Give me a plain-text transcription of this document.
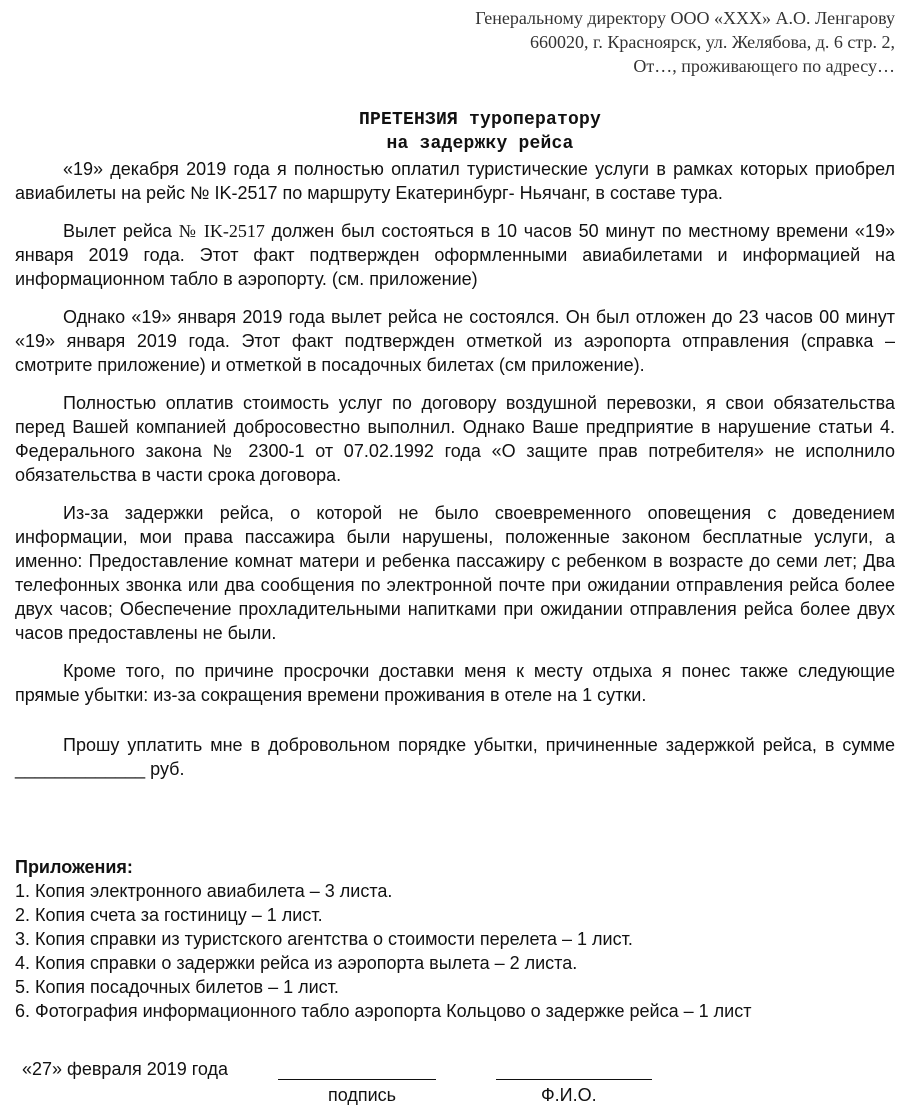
Генеральному директору ООО «ХХХ» А.О. Ленгарову
660020, г. Красноярск, ул. Желябова, д. 6 стр. 2,
От…, проживающего по адресу…
ПРЕТЕНЗИЯ туроператору
на задержку рейса

«19» декабря 2019 года я полностью оплатил туристические услуги в рамках которых приобрел авиабилеты на рейс № IK-2517 по маршруту Екатеринбург- Ньячанг, в составе тура.

Вылет рейса № IK-2517 должен был состояться в 10 часов 50 минут по местному времени «19» января 2019 года. Этот факт подтвержден оформленными авиабилетами и информацией на информационном табло в аэропорту. (см. приложение)

Однако «19» января 2019 года вылет рейса не состоялся. Он был отложен до 23 часов 00 минут «19» января 2019 года. Этот факт подтвержден отметкой из аэропорта отправления (справка – смотрите приложение) и отметкой в посадочных билетах (см приложение).

Полностью оплатив стоимость услуг по договору воздушной перевозки, я свои обязательства перед Вашей компанией добросовестно выполнил. Однако Ваше предприятие в нарушение статьи 4. Федерального закона № 2300-1 от 07.02.1992 года «О защите прав потребителя» не исполнило обязательства в части срока договора.

Из-за задержки рейса, о которой не было своевременного оповещения с доведением информации, мои права пассажира были нарушены, положенные законом бесплатные услуги, а именно: Предоставление комнат матери и ребенка пассажиру с ребенком в возрасте до семи лет; Два телефонных звонка или два сообщения по электронной почте при ожидании отправления рейса более двух часов; Обеспечение прохладительными напитками при ожидании отправления рейса более двух часов предоставлены не были.

Кроме того, по причине просрочки доставки меня к месту отдыха я понес также следующие прямые убытки: из-за сокращения времени проживания в отеле на 1 сутки.

Прошу уплатить мне в добровольном порядке убытки, причиненные задержкой рейса, в сумме _____________ руб.

Приложения:
1. Копия электронного авиабилета – 3 листа.
2. Копия счета за гостиницу – 1 лист.
3. Копия справки из туристского агентства о стоимости перелета – 1 лист.
4. Копия справки о задержки рейса из аэропорта вылета – 2 листа.
5. Копия посадочных билетов – 1 лист.
6. Фотография информационного табло аэропорта Кольцово о задержке рейса – 1 лист
«27» февраля 2019 года
подпись	Ф.И.О.
